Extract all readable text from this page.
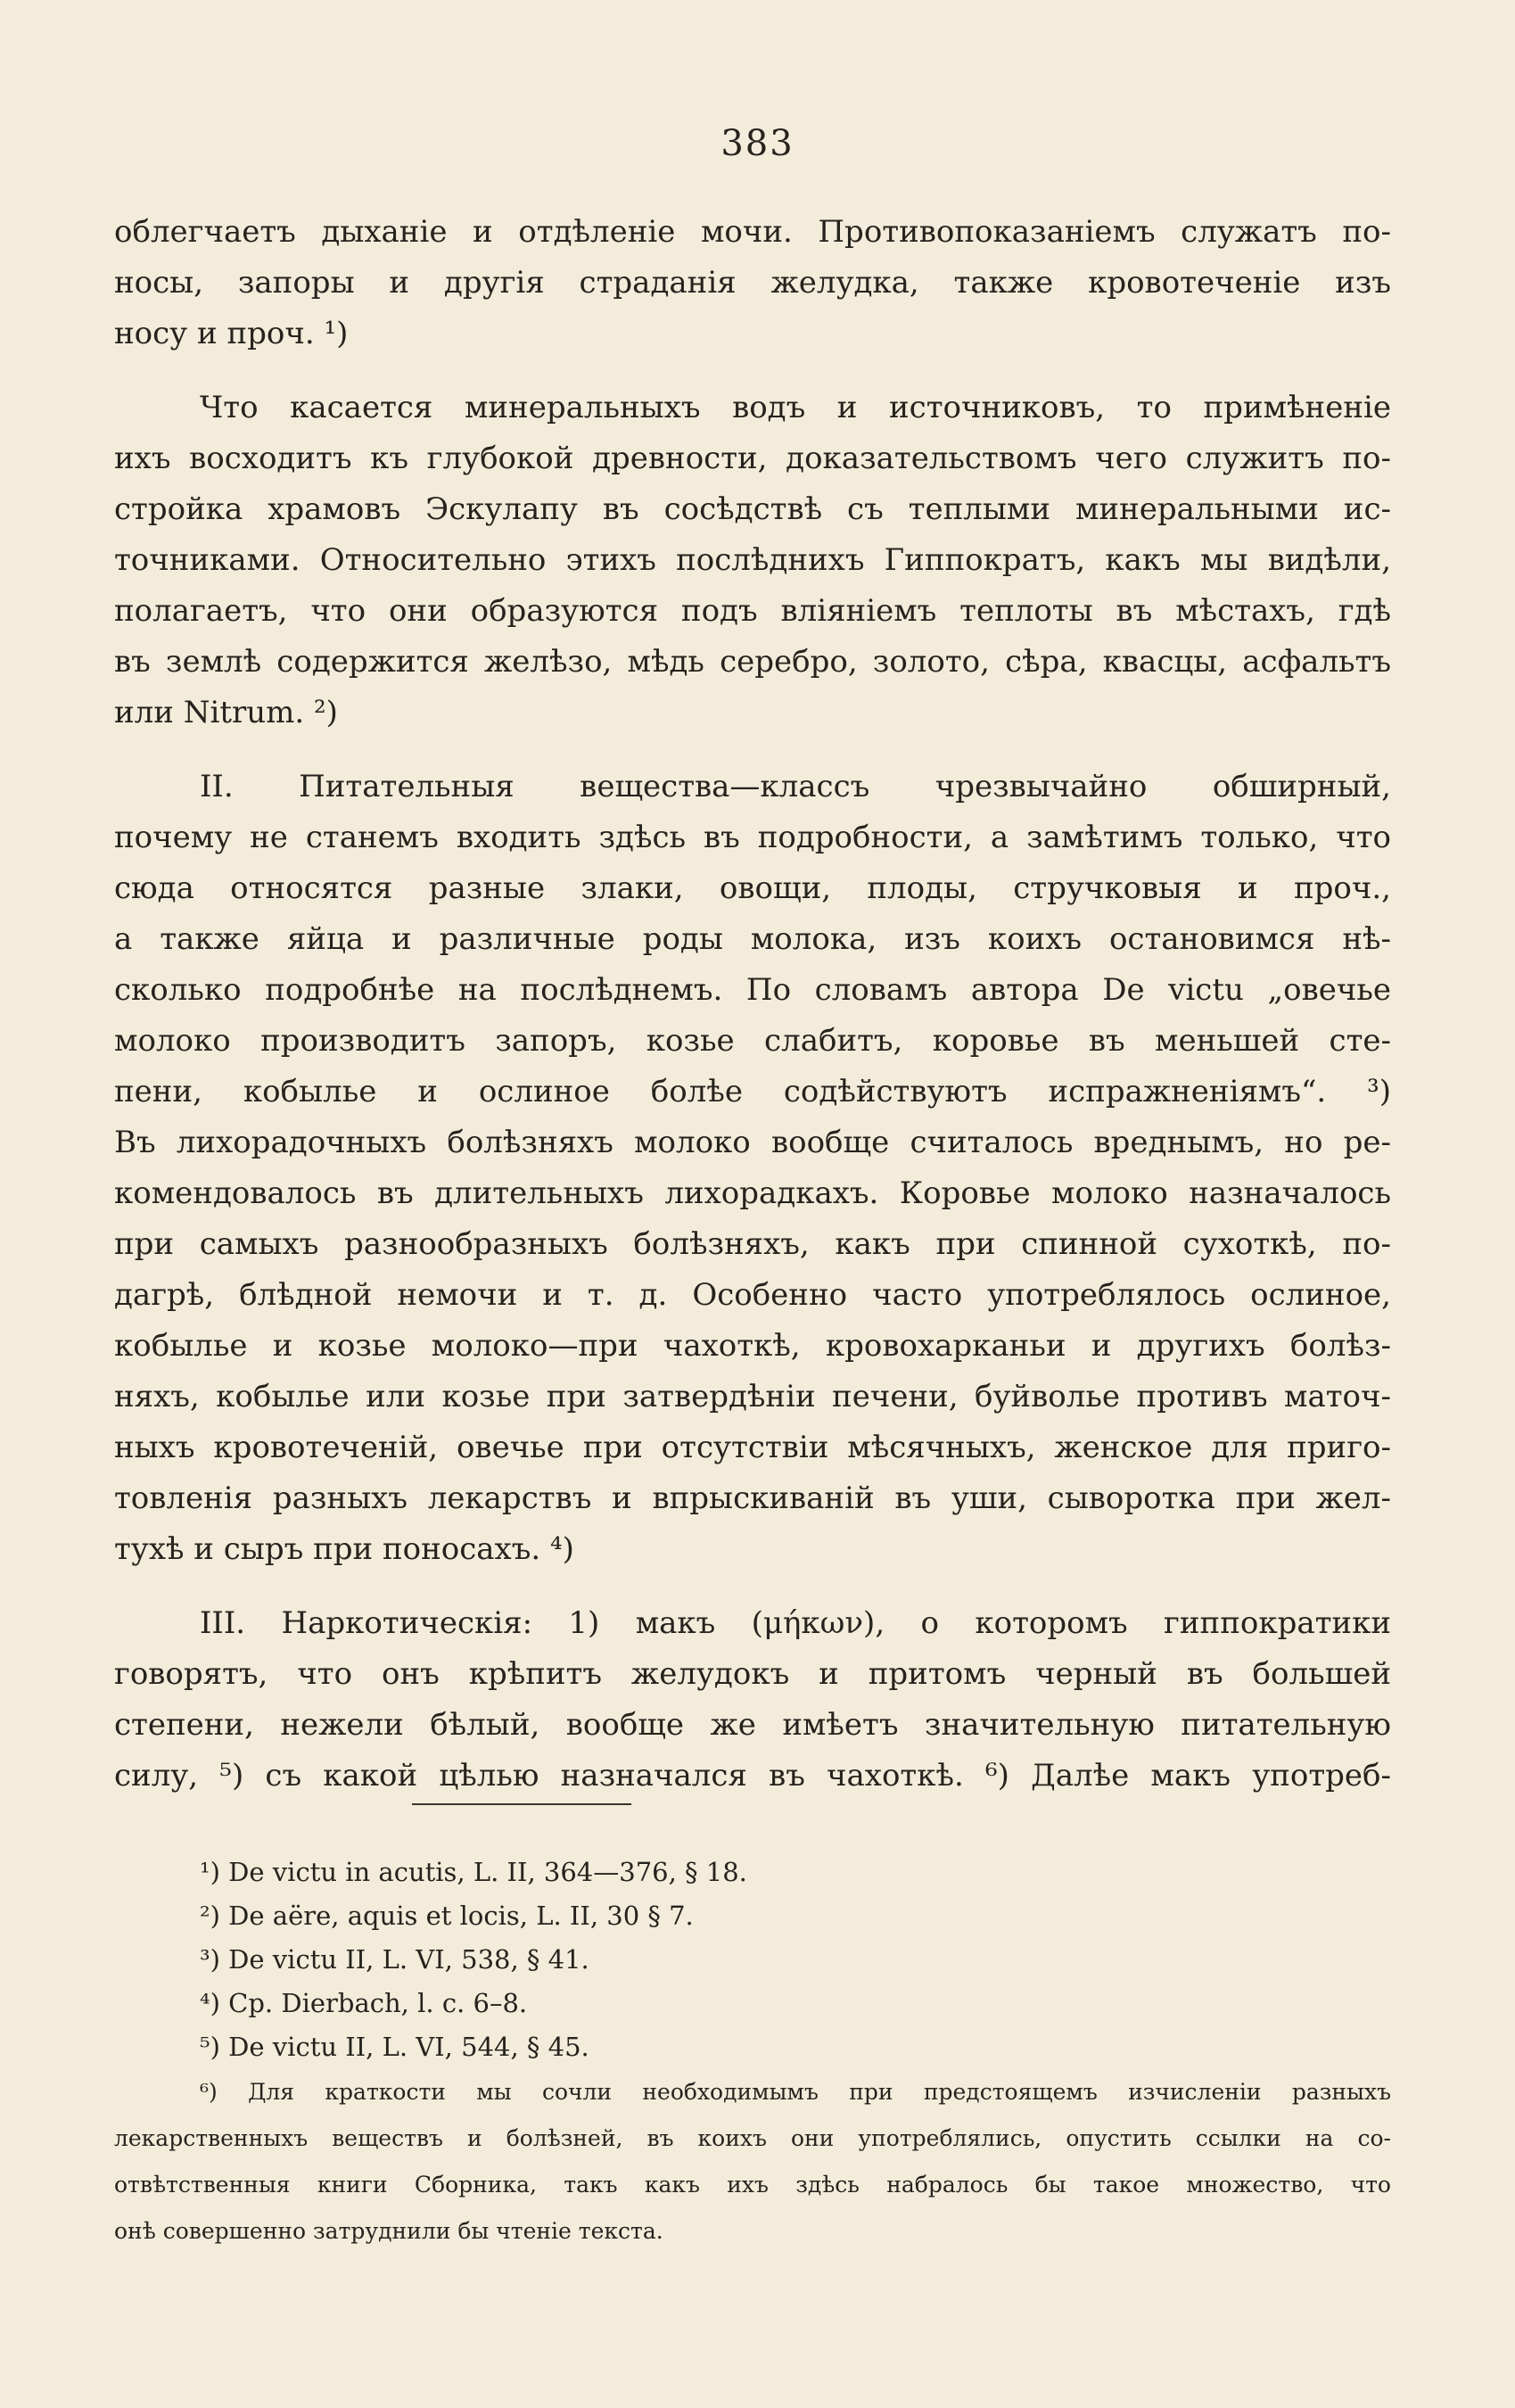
383
облегчаетъ дыханіе и отдѣленіе мочи. Противопоказаніемъ служатъ по-
носы, запоры и другія страданія желудка, также кровотеченіе изъ
носу и проч. ¹)
Что касается минеральныхъ водъ и источниковъ, то примѣненіе
ихъ восходитъ къ глубокой древности, доказательствомъ чего служитъ по-
стройка храмовъ Эскулапу въ сосѣдствѣ съ теплыми минеральными ис-
точниками. Относительно этихъ послѣднихъ Гиппократъ, какъ мы видѣли,
полагаетъ, что они образуются подъ вліяніемъ теплоты въ мѣстахъ, гдѣ
въ землѣ содержится желѣзо, мѣдь серебро, золото, сѣра, квасцы, асфальтъ
или Nitrum. ²)
II. Питательныя вещества—классъ чрезвычайно обширный,
почему не станемъ входить здѣсь въ подробности, а замѣтимъ только, что
сюда относятся разные злаки, овощи, плоды, стручковыя и проч.,
а также яйца и различные роды молока, изъ коихъ остановимся нѣ-
сколько подробнѣе на послѣднемъ. По словамъ автора De victu „овечье
молоко производитъ запоръ, козье слабитъ, коровье въ меньшей сте-
пени, кобылье и ослиное болѣе содѣйствуютъ испражненіямъ“. ³)
Въ лихорадочныхъ болѣзняхъ молоко вообще считалось вреднымъ, но ре-
комендовалось въ длительныхъ лихорадкахъ. Коровье молоко назначалось
при самыхъ разнообразныхъ болѣзняхъ, какъ при спинной сухоткѣ, по-
дагрѣ, блѣдной немочи и т. д. Особенно часто употреблялось ослиное,
кобылье и козье молоко—при чахоткѣ, кровохарканьи и другихъ болѣз-
няхъ, кобылье или козье при затвердѣніи печени, буйволье противъ маточ-
ныхъ кровотеченій, овечье при отсутствіи мѣсячныхъ, женское для приго-
товленія разныхъ лекарствъ и впрыскиваній въ уши, сыворотка при жел-
тухѣ и сыръ при поносахъ. ⁴)
III. Наркотическія: 1) макъ (μήκων), о которомъ гиппократики
говорятъ, что онъ крѣпитъ желудокъ и притомъ черный въ большей
степени, нежели бѣлый, вообще же имѣетъ значительную питательную
силу, ⁵) съ какой цѣлью назначался въ чахоткѣ. ⁶) Далѣе макъ употреб-
¹) De victu in acutis, L. II, 364—376, § 18.
²) De aëre, aquis et locis, L. II, 30 § 7.
³) De victu II, L. VI, 538, § 41.
⁴) Cp. Dierbach, l. c. 6–8.
⁵) De victu II, L. VI, 544, § 45.
⁶) Для краткости мы сочли необходимымъ при предстоящемъ изчисленіи разныхъ
лекарственныхъ веществъ и болѣзней, въ коихъ они употреблялись, опустить ссылки на со-
отвѣтственныя книги Сборника, такъ какъ ихъ здѣсь набралось бы такое множество, что
онѣ совершенно затруднили бы чтеніе текста.
